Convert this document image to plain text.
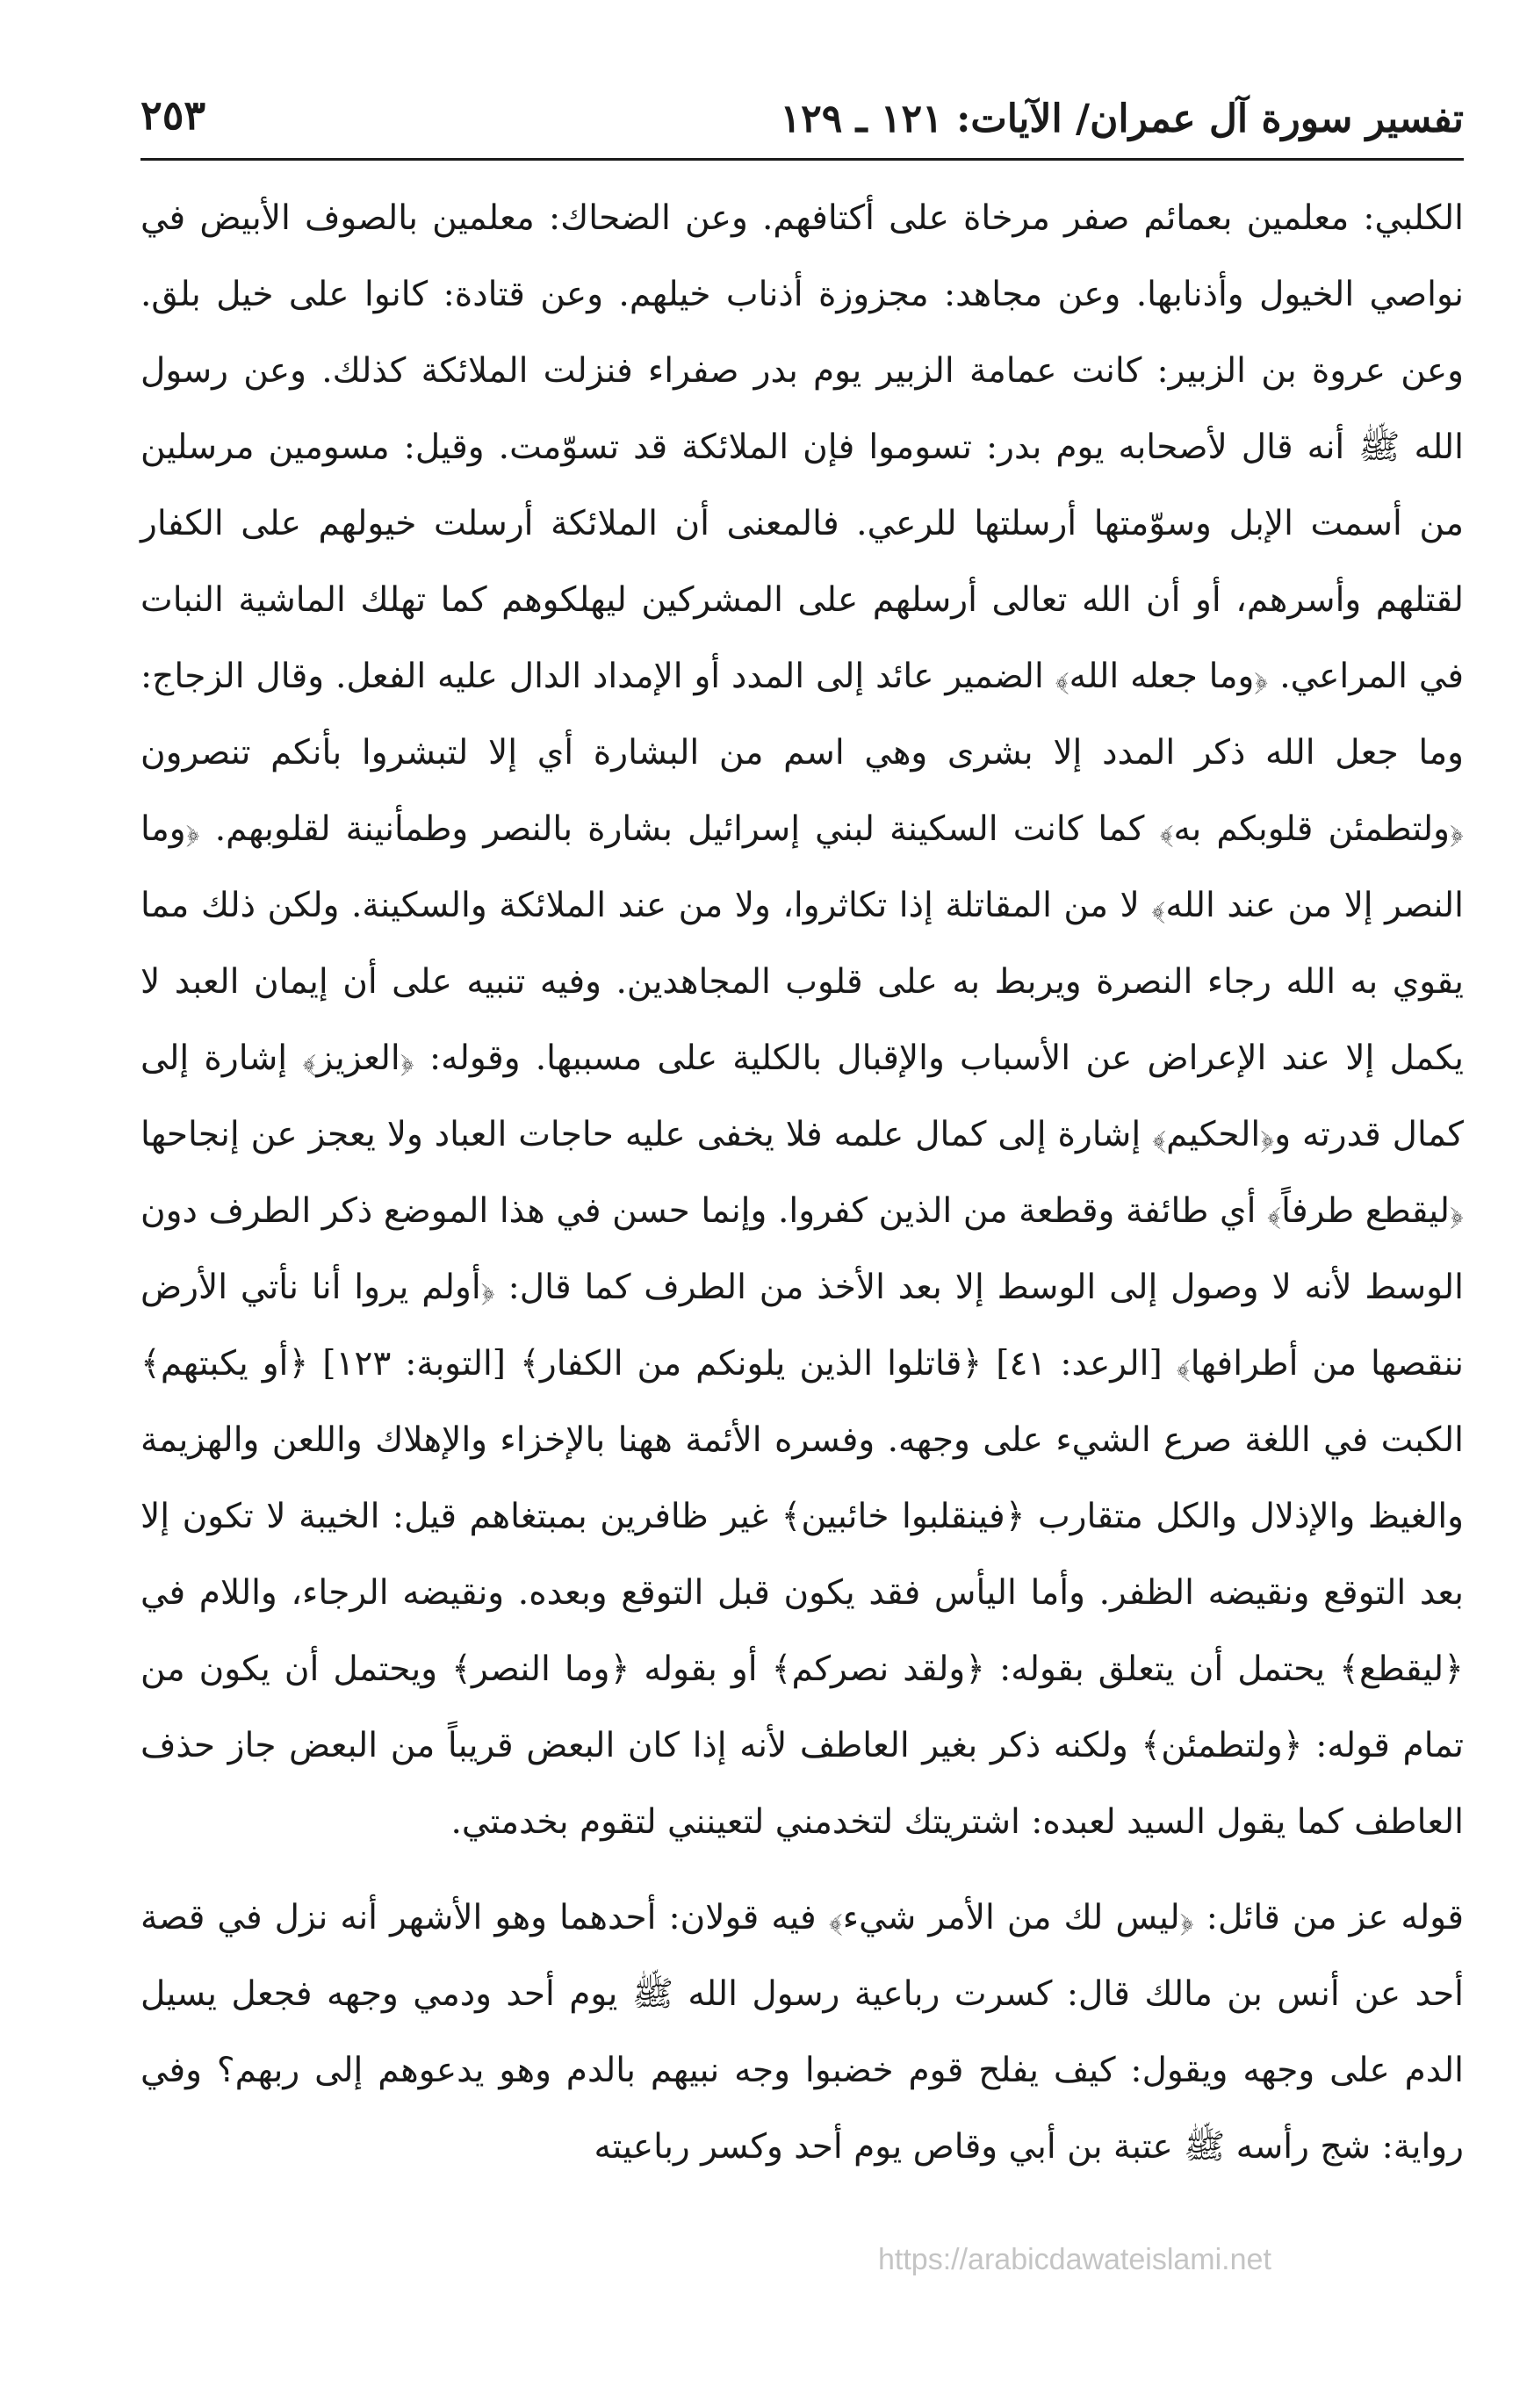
تفسير سورة آل عمران/ الآيات: ١٢١ ـ ١٢٩
٢٥٣

الكلبي: معلمين بعمائم صفر مرخاة على أكتافهم. وعن الضحاك: معلمين بالصوف الأبيض في نواصي الخيول وأذنابها. وعن مجاهد: مجزوزة أذناب خيلهم. وعن قتادة: كانوا على خيل بلق. وعن عروة بن الزبير: كانت عمامة الزبير يوم بدر صفراء فنزلت الملائكة كذلك. وعن رسول الله ﷺ أنه قال لأصحابه يوم بدر: تسوموا فإن الملائكة قد تسوّمت. وقيل: مسومين مرسلين من أسمت الإبل وسوّمتها أرسلتها للرعي. فالمعنى أن الملائكة أرسلت خيولهم على الكفار لقتلهم وأسرهم، أو أن الله تعالى أرسلهم على المشركين ليهلكوهم كما تهلك الماشية النبات في المراعي. ﴿وما جعله الله﴾ الضمير عائد إلى المدد أو الإمداد الدال عليه الفعل. وقال الزجاج: وما جعل الله ذكر المدد إلا بشرى وهي اسم من البشارة أي إلا لتبشروا بأنكم تنصرون ﴿ولتطمئن قلوبكم به﴾ كما كانت السكينة لبني إسرائيل بشارة بالنصر وطمأنينة لقلوبهم. ﴿وما النصر إلا من عند الله﴾ لا من المقاتلة إذا تكاثروا، ولا من عند الملائكة والسكينة. ولكن ذلك مما يقوي به الله رجاء النصرة ويربط به على قلوب المجاهدين. وفيه تنبيه على أن إيمان العبد لا يكمل إلا عند الإعراض عن الأسباب والإقبال بالكلية على مسببها. وقوله: ﴿العزيز﴾ إشارة إلى كمال قدرته و﴿الحكيم﴾ إشارة إلى كمال علمه فلا يخفى عليه حاجات العباد ولا يعجز عن إنجاحها ﴿ليقطع طرفاً﴾ أي طائفة وقطعة من الذين كفروا. وإنما حسن في هذا الموضع ذكر الطرف دون الوسط لأنه لا وصول إلى الوسط إلا بعد الأخذ من الطرف كما قال: ﴿أولم يروا أنا نأتي الأرض ننقصها من أطرافها﴾ [الرعد: ٤١] ﴿قاتلوا الذين يلونكم من الكفار﴾ [التوبة: ١٢٣] ﴿أو يكبتهم﴾ الكبت في اللغة صرع الشيء على وجهه. وفسره الأئمة ههنا بالإخزاء والإهلاك واللعن والهزيمة والغيظ والإذلال والكل متقارب ﴿فينقلبوا خائبين﴾ غير ظافرين بمبتغاهم قيل: الخيبة لا تكون إلا بعد التوقع ونقيضه الظفر. وأما اليأس فقد يكون قبل التوقع وبعده. ونقيضه الرجاء، واللام في ﴿ليقطع﴾ يحتمل أن يتعلق بقوله: ﴿ولقد نصركم﴾ أو بقوله ﴿وما النصر﴾ ويحتمل أن يكون من تمام قوله: ﴿ولتطمئن﴾ ولكنه ذكر بغير العاطف لأنه إذا كان البعض قريباً من البعض جاز حذف العاطف كما يقول السيد لعبده: اشتريتك لتخدمني لتعينني لتقوم بخدمتي.

قوله عز من قائل: ﴿ليس لك من الأمر شيء﴾ فيه قولان: أحدهما وهو الأشهر أنه نزل في قصة أحد عن أنس بن مالك قال: كسرت رباعية رسول الله ﷺ يوم أحد ودمي وجهه فجعل يسيل الدم على وجهه ويقول: كيف يفلح قوم خضبوا وجه نبيهم بالدم وهو يدعوهم إلى ربهم؟ وفي رواية: شج رأسه ﷺ عتبة بن أبي وقاص يوم أحد وكسر رباعيته

https://arabicdawateislami.net
